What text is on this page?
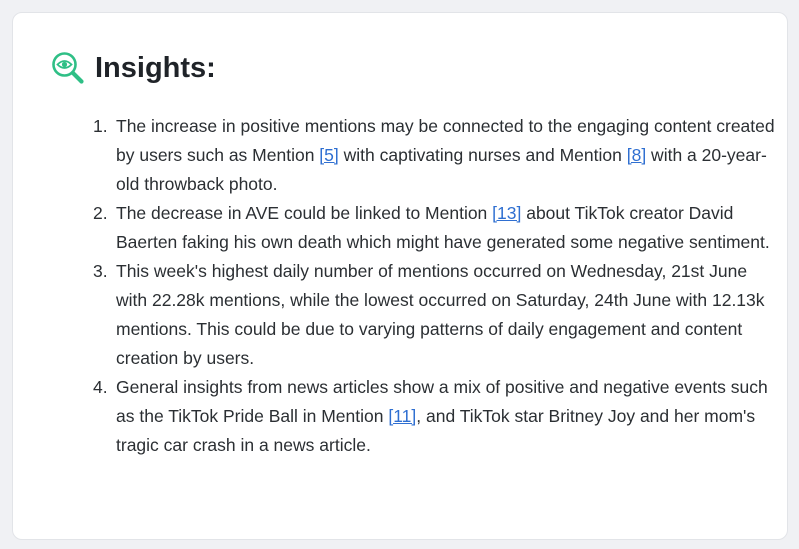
Insights:
1. The increase in positive mentions may be connected to the engaging content created by users such as Mention [5] with captivating nurses and Mention [8] with a 20-year-old throwback photo.
2. The decrease in AVE could be linked to Mention [13] about TikTok creator David Baerten faking his own death which might have generated some negative sentiment.
3. This week's highest daily number of mentions occurred on Wednesday, 21st June with 22.28k mentions, while the lowest occurred on Saturday, 24th June with 12.13k mentions. This could be due to varying patterns of daily engagement and content creation by users.
4. General insights from news articles show a mix of positive and negative events such as the TikTok Pride Ball in Mention [11], and TikTok star Britney Joy and her mom's tragic car crash in a news article.
